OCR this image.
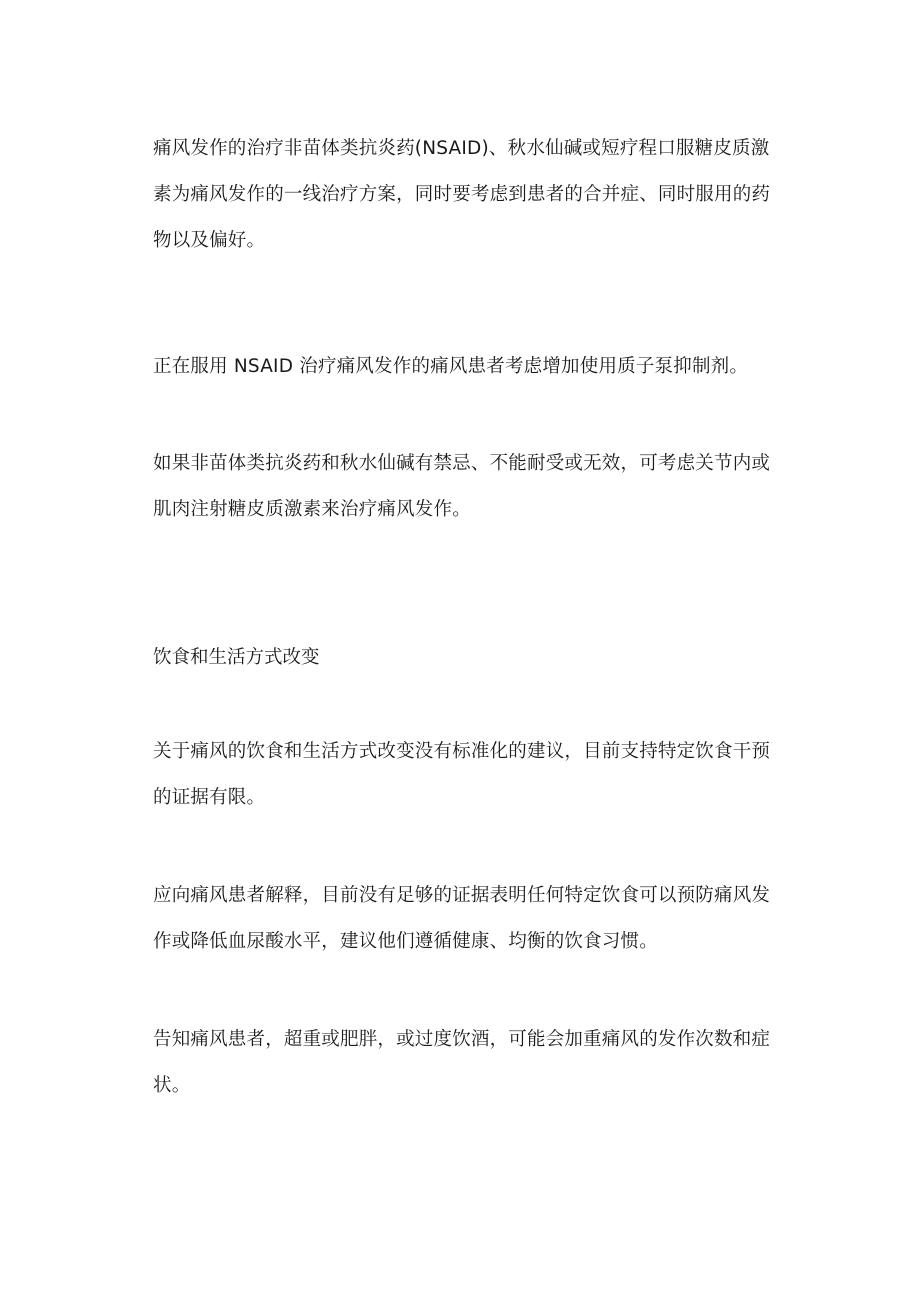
痛风发作的治疗非苗体类抗炎药(NSAID)、秋水仙碱或短疗程口服糖皮质激素为痛风发作的一线治疗方案，同时要考虑到患者的合并症、同时服用的药物以及偏好。

正在服用 NSAID 治疗痛风发作的痛风患者考虑增加使用质子泵抑制剂。

如果非苗体类抗炎药和秋水仙碱有禁忌、不能耐受或无效，可考虑关节内或肌肉注射糖皮质激素来治疗痛风发作。

饮食和生活方式改变

关于痛风的饮食和生活方式改变没有标准化的建议，目前支持特定饮食干预的证据有限。

应向痛风患者解释，目前没有足够的证据表明任何特定饮食可以预防痛风发作或降低血尿酸水平，建议他们遵循健康、均衡的饮食习惯。

告知痛风患者，超重或肥胖，或过度饮酒，可能会加重痛风的发作次数和症状。
